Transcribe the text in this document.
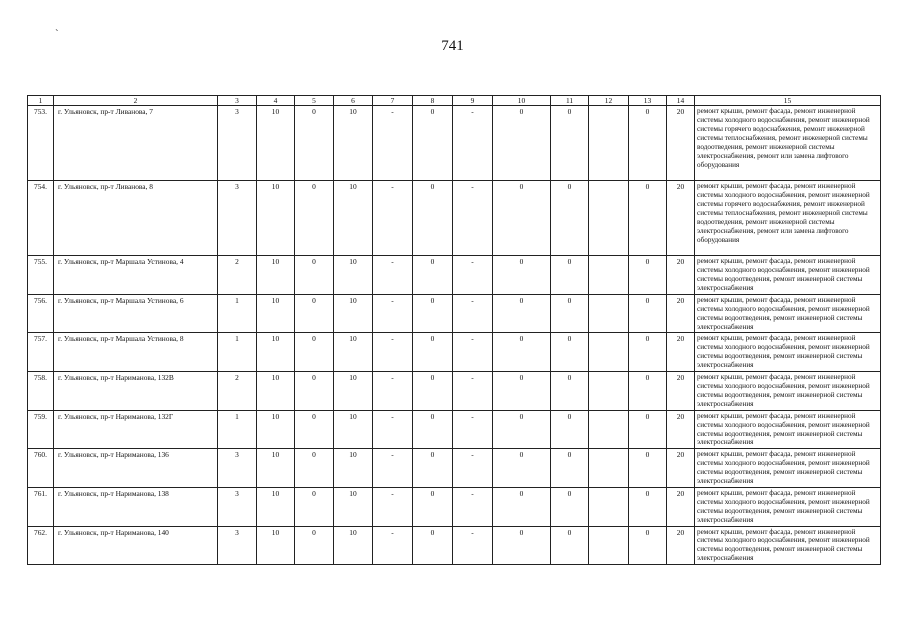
`
741
1	2	3	4	5	6	7	8	9	10	11	12	13	14	15
753.	г. Ульяновск, пр-т Ливанова, 7	3	10	0	10	-	0	-	0	0		0	20	ремонт крыши, ремонт фасада, ремонт инженерной системы холодного водоснабжения, ремонт инженерной системы горячего водоснабжения, ремонт инженерной системы теплоснабжения, ремонт инженерной системы водоотведения, ремонт инженерной системы электроснабжения, ремонт или замена лифтового оборудования
754.	г. Ульяновск, пр-т Ливанова, 8	3	10	0	10	-	0	-	0	0		0	20	ремонт крыши, ремонт фасада, ремонт инженерной системы холодного водоснабжения, ремонт инженерной системы горячего водоснабжения, ремонт инженерной системы теплоснабжения, ремонт инженерной системы водоотведения, ремонт инженерной системы электроснабжения, ремонт или замена лифтового оборудования
755.	г. Ульяновск, пр-т Маршала Устинова, 4	2	10	0	10	-	0	-	0	0		0	20	ремонт крыши, ремонт фасада, ремонт инженерной системы холодного водоснабжения, ремонт инженерной системы водоотведения, ремонт инженерной системы электроснабжения
756.	г. Ульяновск, пр-т Маршала Устинова, 6	1	10	0	10	-	0	-	0	0		0	20	ремонт крыши, ремонт фасада, ремонт инженерной системы холодного водоснабжения, ремонт инженерной системы водоотведения, ремонт инженерной системы электроснабжения
757.	г. Ульяновск, пр-т Маршала Устинова, 8	1	10	0	10	-	0	-	0	0		0	20	ремонт крыши, ремонт фасада, ремонт инженерной системы холодного водоснабжения, ремонт инженерной системы водоотведения, ремонт инженерной системы электроснабжения
758.	г. Ульяновск, пр-т Нариманова, 132В	2	10	0	10	-	0	-	0	0		0	20	ремонт крыши, ремонт фасада, ремонт инженерной системы холодного водоснабжения, ремонт инженерной системы водоотведения, ремонт инженерной системы электроснабжения
759.	г. Ульяновск, пр-т Нариманова, 132Г	1	10	0	10	-	0	-	0	0		0	20	ремонт крыши, ремонт фасада, ремонт инженерной системы холодного водоснабжения, ремонт инженерной системы водоотведения, ремонт инженерной системы электроснабжения
760.	г. Ульяновск, пр-т Нариманова, 136	3	10	0	10	-	0	-	0	0		0	20	ремонт крыши, ремонт фасада, ремонт инженерной системы холодного водоснабжения, ремонт инженерной системы водоотведения, ремонт инженерной системы электроснабжения
761.	г. Ульяновск, пр-т Нариманова, 138	3	10	0	10	-	0	-	0	0		0	20	ремонт крыши, ремонт фасада, ремонт инженерной системы холодного водоснабжения, ремонт инженерной системы водоотведения, ремонт инженерной системы электроснабжения
762.	г. Ульяновск, пр-т Нариманова, 140	3	10	0	10	-	0	-	0	0		0	20	ремонт крыши, ремонт фасада, ремонт инженерной системы холодного водоснабжения, ремонт инженерной системы водоотведения, ремонт инженерной системы электроснабжения
